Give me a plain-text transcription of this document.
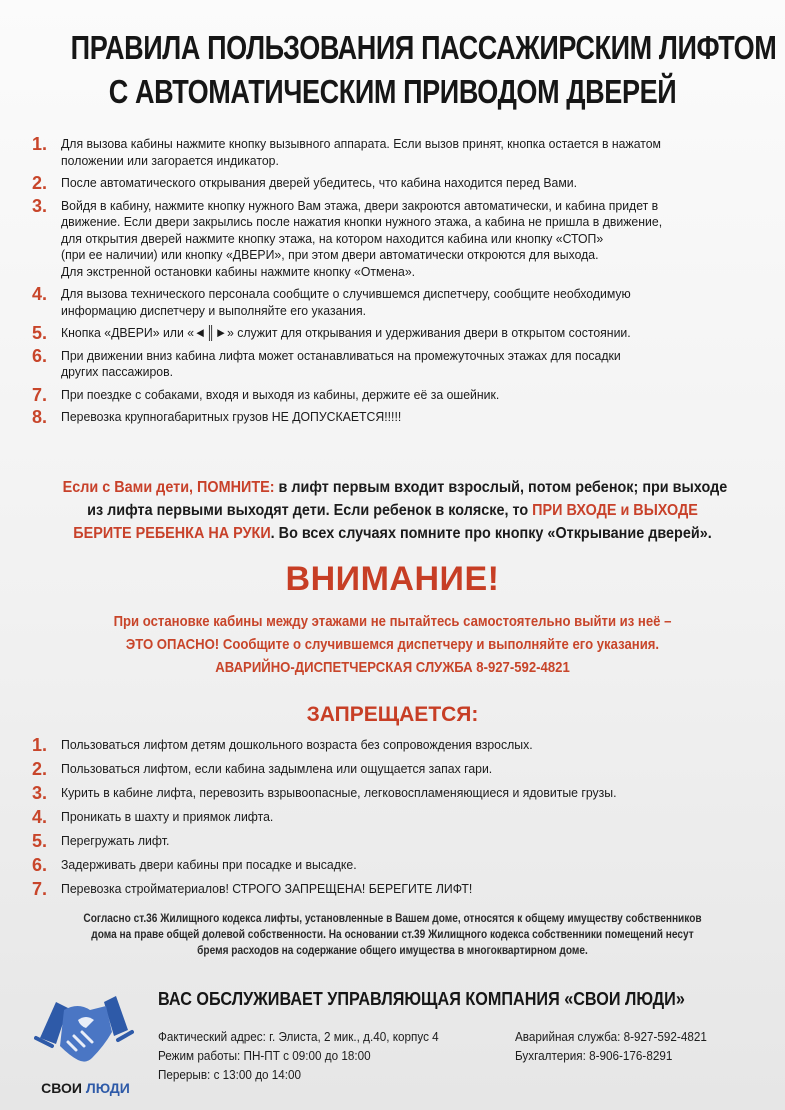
ПРАВИЛА ПОЛЬЗОВАНИЯ ПАССАЖИРСКИМ ЛИФТОМ
С АВТОМАТИЧЕСКИМ ПРИВОДОМ ДВЕРЕЙ
1. Для вызова кабины нажмите кнопку вызывного аппарата. Если вызов принят, кнопка остается в нажатом
положении или загорается индикатор.
2. После автоматического открывания дверей убедитесь, что кабина находится перед Вами.
3. Войдя в кабину, нажмите кнопку нужного Вам этажа, двери закроются автоматически, и кабина придет в
движение. Если двери закрылись после нажатия кнопки нужного этажа, а кабина не пришла в движение,
для открытия дверей нажмите кнопку этажа, на котором находится кабина или кнопку «СТОП»
(при ее наличии) или кнопку «ДВЕРИ», при этом двери автоматически откроются для выхода.
Для экстренной остановки кабины нажмите кнопку «Отмена».
4. Для вызова технического персонала сообщите о случившемся диспетчеру, сообщите необходимую
информацию диспетчеру и выполняйте его указания.
5. Кнопка «ДВЕРИ» или «◄║►» служит для открывания и удерживания двери в открытом состоянии.
6. При движении вниз кабина лифта может останавливаться на промежуточных этажах для посадки
других пассажиров.
7. При поездке с собаками, входя и выходя из кабины, держите её за ошейник.
8. Перевозка крупногабаритных грузов НЕ ДОПУСКАЕТСЯ!!!!!
Если с Вами дети, ПОМНИТЕ: в лифт первым входит взрослый, потом ребенок; при выходе
из лифта первыми выходят дети. Если ребенок в коляске, то ПРИ ВХОДЕ и ВЫХОДЕ
БЕРИТЕ РЕБЕНКА НА РУКИ. Во всех случаях помните про кнопку «Открывание дверей».
ВНИМАНИЕ!
При остановке кабины между этажами не пытайтесь самостоятельно выйти из неё –
ЭТО ОПАСНО! Сообщите о случившемся диспетчеру и выполняйте его указания.
АВАРИЙНО-ДИСПЕТЧЕРСКАЯ СЛУЖБА 8-927-592-4821
ЗАПРЕЩАЕТСЯ:
1. Пользоваться лифтом детям дошкольного возраста без сопровождения взрослых.
2. Пользоваться лифтом, если кабина задымлена или ощущается запах гари.
3. Курить в кабине лифта, перевозить взрывоопасные, легковоспламеняющиеся и ядовитые грузы.
4. Проникать в шахту и приямок лифта.
5. Перегружать лифт.
6. Задерживать двери кабины при посадке и высадке.
7. Перевозка стройматериалов! СТРОГО ЗАПРЕЩЕНА! БЕРЕГИТЕ ЛИФТ!
Согласно ст.36 Жилищного кодекса лифты, установленные в Вашем доме, относятся к общему имуществу собственников
дома на праве общей долевой собственности. На основании ст.39 Жилищного кодекса собственники помещений несут
бремя расходов на содержание общего имущества в многоквартирном доме.
СВОИ ЛЮДИ
ВАС ОБСЛУЖИВАЕТ УПРАВЛЯЮЩАЯ КОМПАНИЯ «СВОИ ЛЮДИ»
Фактический адрес: г. Элиста, 2 мик., д.40, корпус 4
Режим работы: ПН-ПТ с 09:00 до 18:00
Перерыв: с 13:00 до 14:00
Аварийная служба: 8-927-592-4821
Бухгалтерия: 8-906-176-8291
